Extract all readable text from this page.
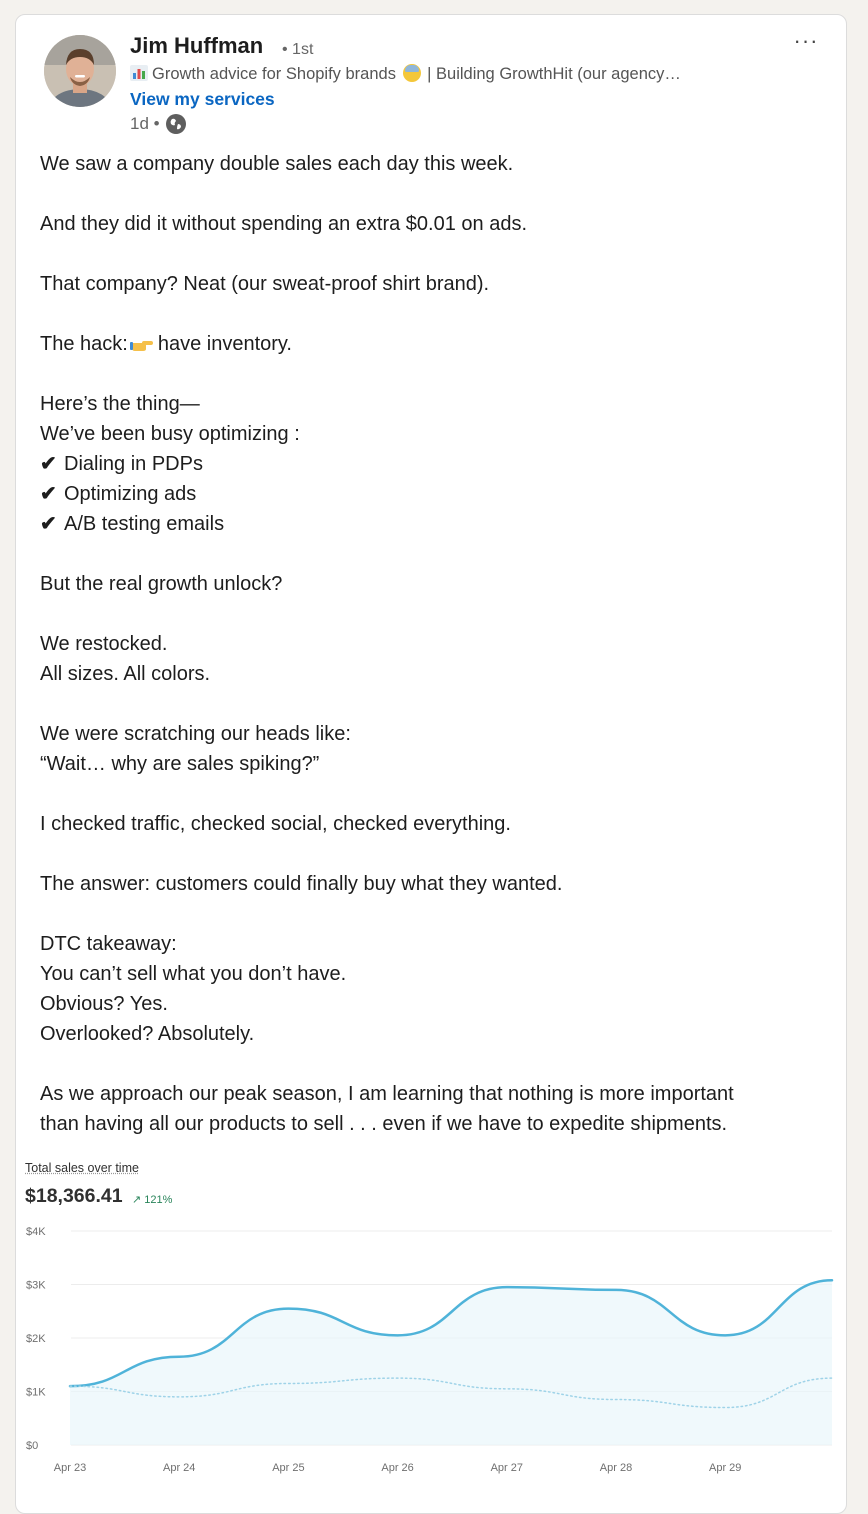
Jim Huffman • 1st
Growth advice for Shopify brands | Building GrowthHit (our agency…
View my services
1d •
···

We saw a company double sales each day this week.

And they did it without spending an extra $0.01 on ads.

That company? Neat (our sweat-proof shirt brand).

The hack: have inventory.

Here’s the thing—

We’ve been busy optimizing :

✔ Dialing in PDPs

✔ Optimizing ads

✔ A/B testing emails

But the real growth unlock?

We restocked.

All sizes. All colors.

We were scratching our heads like:

“Wait… why are sales spiking?”

I checked traffic, checked social, checked everything.

The answer: customers could finally buy what they wanted.

DTC takeaway:

You can’t sell what you don’t have.

Obvious? Yes.

Overlooked? Absolutely.

As we approach our peak season, I am learning that nothing is more important

than having all our products to sell . . . even if we have to expedite shipments.

Total sales over time
$18,366.41 ↗ 121%
$0
$1K
$2K
$3K
$4K
Apr 23	Apr 24	Apr 25	Apr 26	Apr 27	Apr 28	Apr 29
